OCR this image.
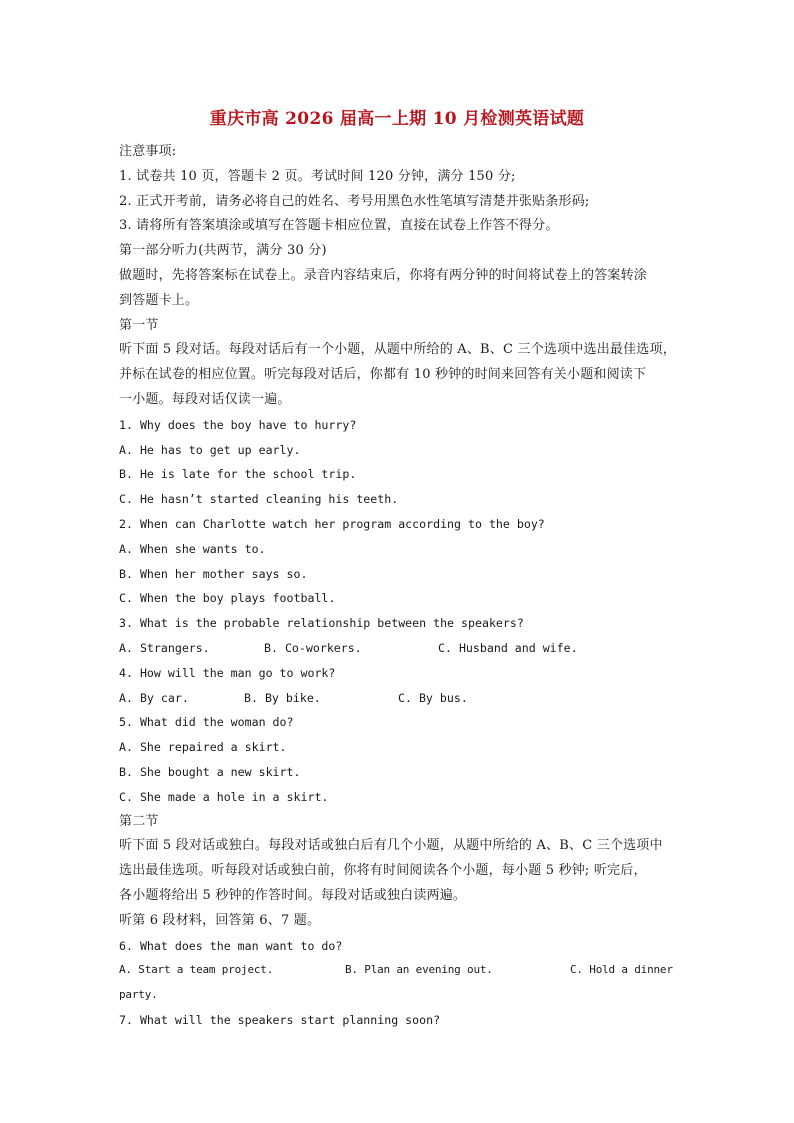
重庆市高 2026 届高一上期 10 月检测英语试题
注意事项:
1. 试卷共 10 页，答题卡 2 页。考试时间 120 分钟，满分 150 分;
2. 正式开考前，请务必将自己的姓名、考号用黑色水性笔填写清楚并张贴条形码;
3. 请将所有答案填涂或填写在答题卡相应位置，直接在试卷上作答不得分。
第一部分听力(共两节，满分 30 分)
做题时，先将答案标在试卷上。录音内容结束后，你将有两分钟的时间将试卷上的答案转涂
到答题卡上。
第一节
听下面 5 段对话。每段对话后有一个小题，从题中所给的 A、B、C 三个选项中选出最佳选项，
并标在试卷的相应位置。听完每段对话后，你都有 10 秒钟的时间来回答有关小题和阅读下
一小题。每段对话仅读一遍。
1. Why does the boy have to hurry?
A. He has to get up early.
B. He is late for the school trip.
C. He hasn’t started cleaning his teeth.
2. When can Charlotte watch her program according to the boy?
A. When she wants to.
B. When her mother says so.
C. When the boy plays football.
3. What is the probable relationship between the speakers?
A. Strangers.	B. Co-workers.	C. Husband and wife.
4. How will the man go to work?
A. By car.	B. By bike.	C. By bus.
5. What did the woman do?
A. She repaired a skirt.
B. She bought a new skirt.
C. She made a hole in a skirt.
第二节
听下面 5 段对话或独白。每段对话或独白后有几个小题，从题中所给的 A、B、C 三个选项中
选出最佳选项。听每段对话或独白前，你将有时间阅读各个小题，每小题 5 秒钟; 听完后，
各小题将给出 5 秒钟的作答时间。每段对话或独白读两遍。
听第 6 段材料，回答第 6、7 题。
6. What does the man want to do?
A. Start a team project.	B. Plan an evening out.	C. Hold a dinner
party.
7. What will the speakers start planning soon?
